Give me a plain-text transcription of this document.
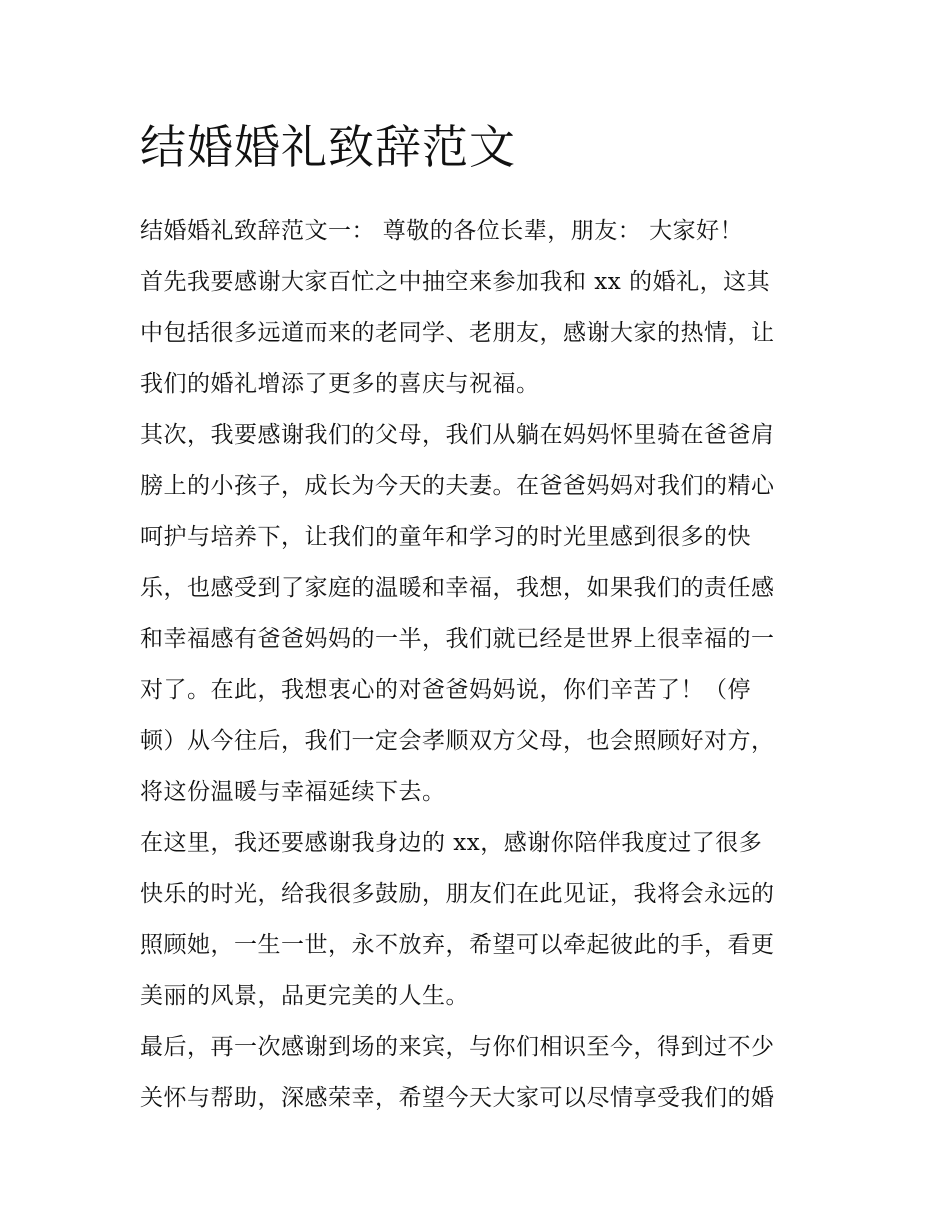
结婚婚礼致辞范文

结婚婚礼致辞范文一： 尊敬的各位长辈，朋友： 大家好！

首先我要感谢大家百忙之中抽空来参加我和 xx 的婚礼，这其
中包括很多远道而来的老同学、老朋友，感谢大家的热情，让
我们的婚礼增添了更多的喜庆与祝福。

其次，我要感谢我们的父母，我们从躺在妈妈怀里骑在爸爸肩
膀上的小孩子，成长为今天的夫妻。在爸爸妈妈对我们的精心
呵护与培养下，让我们的童年和学习的时光里感到很多的快
乐，也感受到了家庭的温暖和幸福，我想，如果我们的责任感
和幸福感有爸爸妈妈的一半，我们就已经是世界上很幸福的一
对了。在此，我想衷心的对爸爸妈妈说，你们辛苦了！（停
顿）从今往后，我们一定会孝顺双方父母，也会照顾好对方，
将这份温暖与幸福延续下去。

在这里，我还要感谢我身边的 xx，感谢你陪伴我度过了很多
快乐的时光，给我很多鼓励，朋友们在此见证，我将会永远的
照顾她，一生一世，永不放弃，希望可以牵起彼此的手，看更
美丽的风景，品更完美的人生。

最后，再一次感谢到场的来宾，与你们相识至今，得到过不少
关怀与帮助，深感荣幸，希望今天大家可以尽情享受我们的婚
